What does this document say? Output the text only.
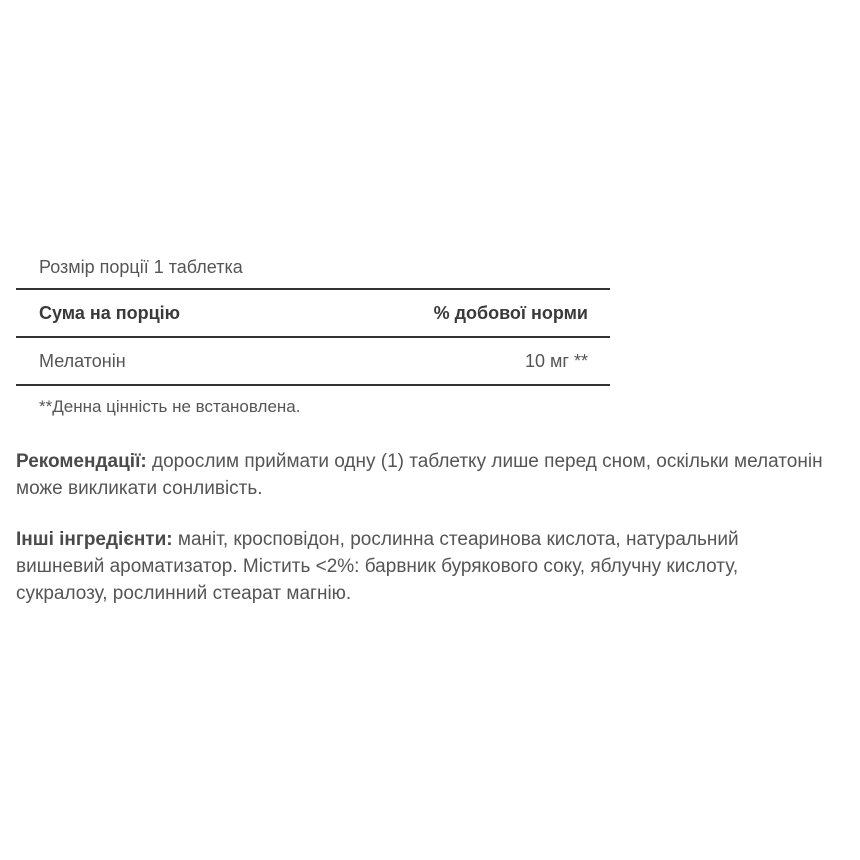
Розмір порції 1 таблетка
Сума на порцію	% добової норми
Мелатонін	10 мг **
**Денна цінність не встановлена.
Рекомендації: дорослим приймати одну (1) таблетку лише перед сном, оскільки мелатонін може викликати сонливість.
Інші інгредієнти: маніт, кросповідон, рослинна стеаринова кислота, натуральний вишневий ароматизатор. Містить <2%: барвник бурякового соку, яблучну кислоту, сукралозу, рослинний стеарат магнію.
